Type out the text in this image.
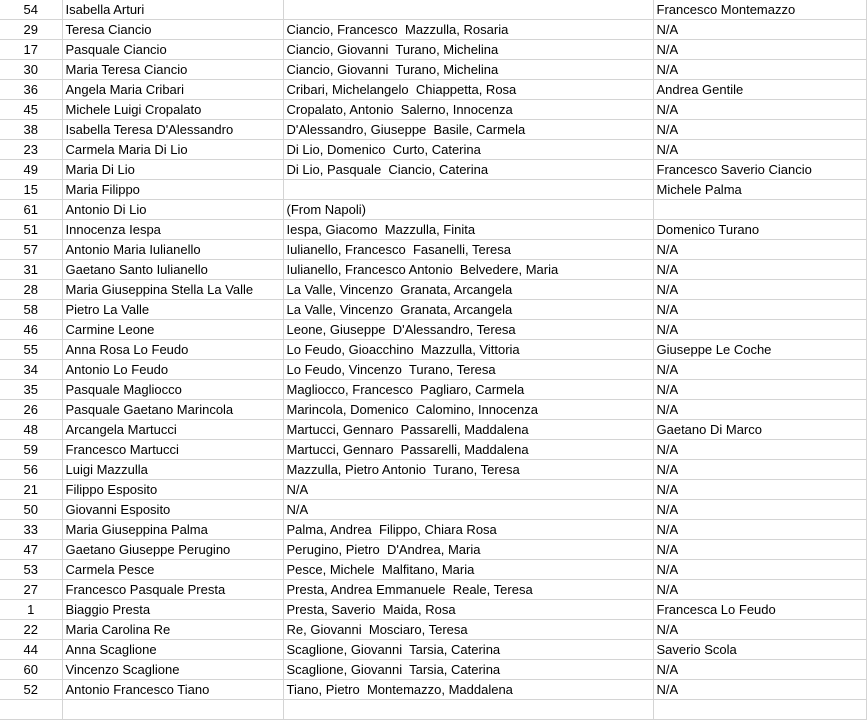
54	Isabella Arturi		Francesco Montemazzo
29	Teresa Ciancio	Ciancio, Francesco  Mazzulla, Rosaria	N/A
17	Pasquale Ciancio	Ciancio, Giovanni  Turano, Michelina	N/A
30	Maria Teresa Ciancio	Ciancio, Giovanni  Turano, Michelina	N/A
36	Angela Maria Cribari	Cribari, Michelangelo  Chiappetta, Rosa	Andrea Gentile
45	Michele Luigi Cropalato	Cropalato, Antonio  Salerno, Innocenza	N/A
38	Isabella Teresa D'Alessandro	D'Alessandro, Giuseppe  Basile, Carmela	N/A
23	Carmela Maria Di Lio	Di Lio, Domenico  Curto, Caterina	N/A
49	Maria Di Lio	Di Lio, Pasquale  Ciancio, Caterina	Francesco Saverio Ciancio
15	Maria Filippo		Michele Palma
61	Antonio Di Lio	(From Napoli)	
51	Innocenza Iespa	Iespa, Giacomo  Mazzulla, Finita	Domenico Turano
57	Antonio Maria Iulianello	Iulianello, Francesco  Fasanelli, Teresa	N/A
31	Gaetano Santo Iulianello	Iulianello, Francesco Antonio  Belvedere, Maria	N/A
28	Maria Giuseppina Stella La Valle	La Valle, Vincenzo  Granata, Arcangela	N/A
58	Pietro La Valle	La Valle, Vincenzo  Granata, Arcangela	N/A
46	Carmine Leone	Leone, Giuseppe  D'Alessandro, Teresa	N/A
55	Anna Rosa Lo Feudo	Lo Feudo, Gioacchino  Mazzulla, Vittoria	Giuseppe Le Coche
34	Antonio Lo Feudo	Lo Feudo, Vincenzo  Turano, Teresa	N/A
35	Pasquale Magliocco	Magliocco, Francesco  Pagliaro, Carmela	N/A
26	Pasquale Gaetano Marincola	Marincola, Domenico  Calomino, Innocenza	N/A
48	Arcangela Martucci	Martucci, Gennaro  Passarelli, Maddalena	Gaetano Di Marco
59	Francesco Martucci	Martucci, Gennaro  Passarelli, Maddalena	N/A
56	Luigi Mazzulla	Mazzulla, Pietro Antonio  Turano, Teresa	N/A
21	Filippo Esposito	N/A	N/A
50	Giovanni Esposito	N/A	N/A
33	Maria Giuseppina Palma	Palma, Andrea  Filippo, Chiara Rosa	N/A
47	Gaetano Giuseppe Perugino	Perugino, Pietro  D'Andrea, Maria	N/A
53	Carmela Pesce	Pesce, Michele  Malfitano, Maria	N/A
27	Francesco Pasquale Presta	Presta, Andrea Emmanuele  Reale, Teresa	N/A
1	Biaggio Presta	Presta, Saverio  Maida, Rosa	Francesca Lo Feudo
22	Maria Carolina Re	Re, Giovanni  Mosciaro, Teresa	N/A
44	Anna Scaglione	Scaglione, Giovanni  Tarsia, Caterina	Saverio Scola
60	Vincenzo Scaglione	Scaglione, Giovanni  Tarsia, Caterina	N/A
52	Antonio Francesco Tiano	Tiano, Pietro  Montemazzo, Maddalena	N/A
